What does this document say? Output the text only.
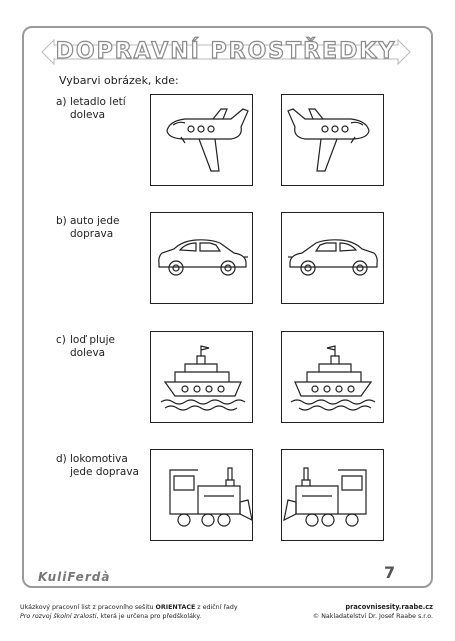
DOPRAVNÍ PROSTŘEDKY
Vybarvi obrázek, kde:
a) letadlo letí
doleva
b) auto jede
doprava
c) loď pluje
doleva
d) lokomotiva
jede doprava
KuliFerdà	7
Ukázkový pracovní list z pracovního sešitu ORIENTACE z ediční řady
Pro rozvoj školní zralosti, která je určena pro předškoláky.
pracovnisesity.raabe.cz
© Nakladatelství Dr. Josef Raabe s.r.o.
